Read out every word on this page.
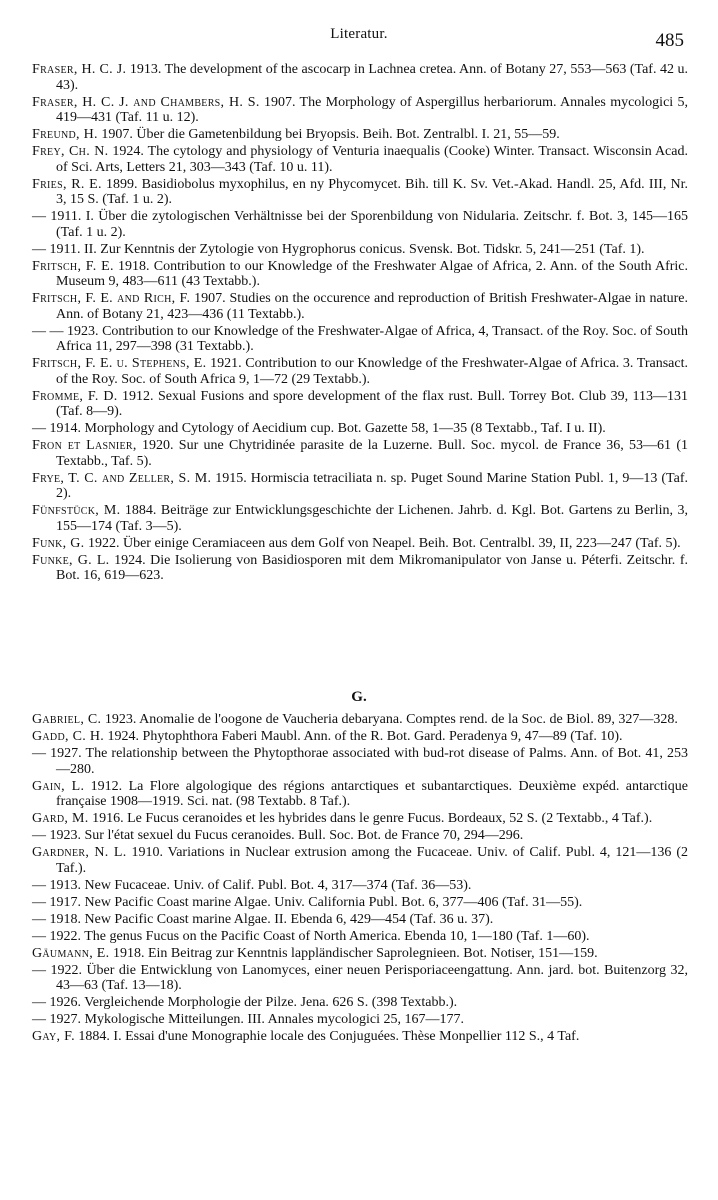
Literatur.	485
Fraser, H. C. J. 1913. The development of the ascocarp in Lachnea cretea. Ann. of Botany 27, 553—563 (Taf. 42 u. 43).
Fraser, H. C. J. and Chambers, H. S. 1907. The Morphology of Aspergillus herbariorum. Annales mycologici 5, 419—431 (Taf. 11 u. 12).
Freund, H. 1907. Über die Gametenbildung bei Bryopsis. Beih. Bot. Zentralbl. I. 21, 55—59.
Frey, Ch. N. 1924. The cytology and physiology of Venturia inaequalis (Cooke) Winter. Transact. Wisconsin Acad. of Sci. Arts, Letters 21, 303—343 (Taf. 10 u. 11).
Fries, R. E. 1899. Basidiobolus myxophilus, en ny Phycomycet. Bih. till K. Sv. Vet.-Akad. Handl. 25, Afd. III, Nr. 3, 15 S. (Taf. 1 u. 2).
— 1911. I. Über die zytologischen Verhältnisse bei der Sporenbildung von Nidularia. Zeitschr. f. Bot. 3, 145—165 (Taf. 1 u. 2).
— 1911. II. Zur Kenntnis der Zytologie von Hygrophorus conicus. Svensk. Bot. Tidskr. 5, 241—251 (Taf. 1).
Fritsch, F. E. 1918. Contribution to our Knowledge of the Freshwater Algae of Africa, 2. Ann. of the South Afric. Museum 9, 483—611 (43 Textabb.).
Fritsch, F. E. and Rich, F. 1907. Studies on the occurence and reproduction of British Freshwater-Algae in nature. Ann. of Botany 21, 423—436 (11 Textabb.).
— — 1923. Contribution to our Knowledge of the Freshwater-Algae of Africa, 4, Transact. of the Roy. Soc. of South Africa 11, 297—398 (31 Textabb.).
Fritsch, F. E. u. Stephens, E. 1921. Contribution to our Knowledge of the Freshwater-Algae of Africa. 3. Transact. of the Roy. Soc. of South Africa 9, 1—72 (29 Textabb.).
Fromme, F. D. 1912. Sexual Fusions and spore development of the flax rust. Bull. Torrey Bot. Club 39, 113—131 (Taf. 8—9).
— 1914. Morphology and Cytology of Aecidium cup. Bot. Gazette 58, 1—35 (8 Textabb., Taf. I u. II).
Fron et Lasnier, 1920. Sur une Chytridinée parasite de la Luzerne. Bull. Soc. mycol. de France 36, 53—61 (1 Textabb., Taf. 5).
Frye, T. C. and Zeller, S. M. 1915. Hormiscia tetraciliata n. sp. Puget Sound Marine Station Publ. 1, 9—13 (Taf. 2).
Fünfstück, M. 1884. Beiträge zur Entwicklungsgeschichte der Lichenen. Jahrb. d. Kgl. Bot. Gartens zu Berlin, 3, 155—174 (Taf. 3—5).
Funk, G. 1922. Über einige Ceramiaceen aus dem Golf von Neapel. Beih. Bot. Centralbl. 39, II, 223—247 (Taf. 5).
Funke, G. L. 1924. Die Isolierung von Basidiosporen mit dem Mikromanipulator von Janse u. Péterfi. Zeitschr. f. Bot. 16, 619—623.
G.
Gabriel, C. 1923. Anomalie de l'oogone de Vaucheria debaryana. Comptes rend. de la Soc. de Biol. 89, 327—328.
Gadd, C. H. 1924. Phytophthora Faberi Maubl. Ann. of the R. Bot. Gard. Peradenya 9, 47—89 (Taf. 10).
— 1927. The relationship between the Phytopthorae associated with bud-rot disease of Palms. Ann. of Bot. 41, 253—280.
Gain, L. 1912. La Flore algologique des régions antarctiques et subantarctiques. Deuxième expéd. antarctique française 1908—1919. Sci. nat. (98 Textabb. 8 Taf.).
Gard, M. 1916. Le Fucus ceranoides et les hybrides dans le genre Fucus. Bordeaux, 52 S. (2 Textabb., 4 Taf.).
— 1923. Sur l'état sexuel du Fucus ceranoides. Bull. Soc. Bot. de France 70, 294—296.
Gardner, N. L. 1910. Variations in Nuclear extrusion among the Fucaceae. Univ. of Calif. Publ. 4, 121—136 (2 Taf.).
— 1913. New Fucaceae. Univ. of Calif. Publ. Bot. 4, 317—374 (Taf. 36—53).
— 1917. New Pacific Coast marine Algae. Univ. California Publ. Bot. 6, 377—406 (Taf. 31—55).
— 1918. New Pacific Coast marine Algae. II. Ebenda 6, 429—454 (Taf. 36 u. 37).
— 1922. The genus Fucus on the Pacific Coast of North America. Ebenda 10, 1—180 (Taf. 1—60).
Gäumann, E. 1918. Ein Beitrag zur Kenntnis lappländischer Saprolegnieen. Bot. Notiser, 151—159.
— 1922. Über die Entwicklung von Lanomyces, einer neuen Perisporiaceengattung. Ann. jard. bot. Buitenzorg 32, 43—63 (Taf. 13—18).
— 1926. Vergleichende Morphologie der Pilze. Jena. 626 S. (398 Textabb.).
— 1927. Mykologische Mitteilungen. III. Annales mycologici 25, 167—177.
Gay, F. 1884. I. Essai d'une Monographie locale des Conjuguées. Thèse Monpellier 112 S., 4 Taf.
